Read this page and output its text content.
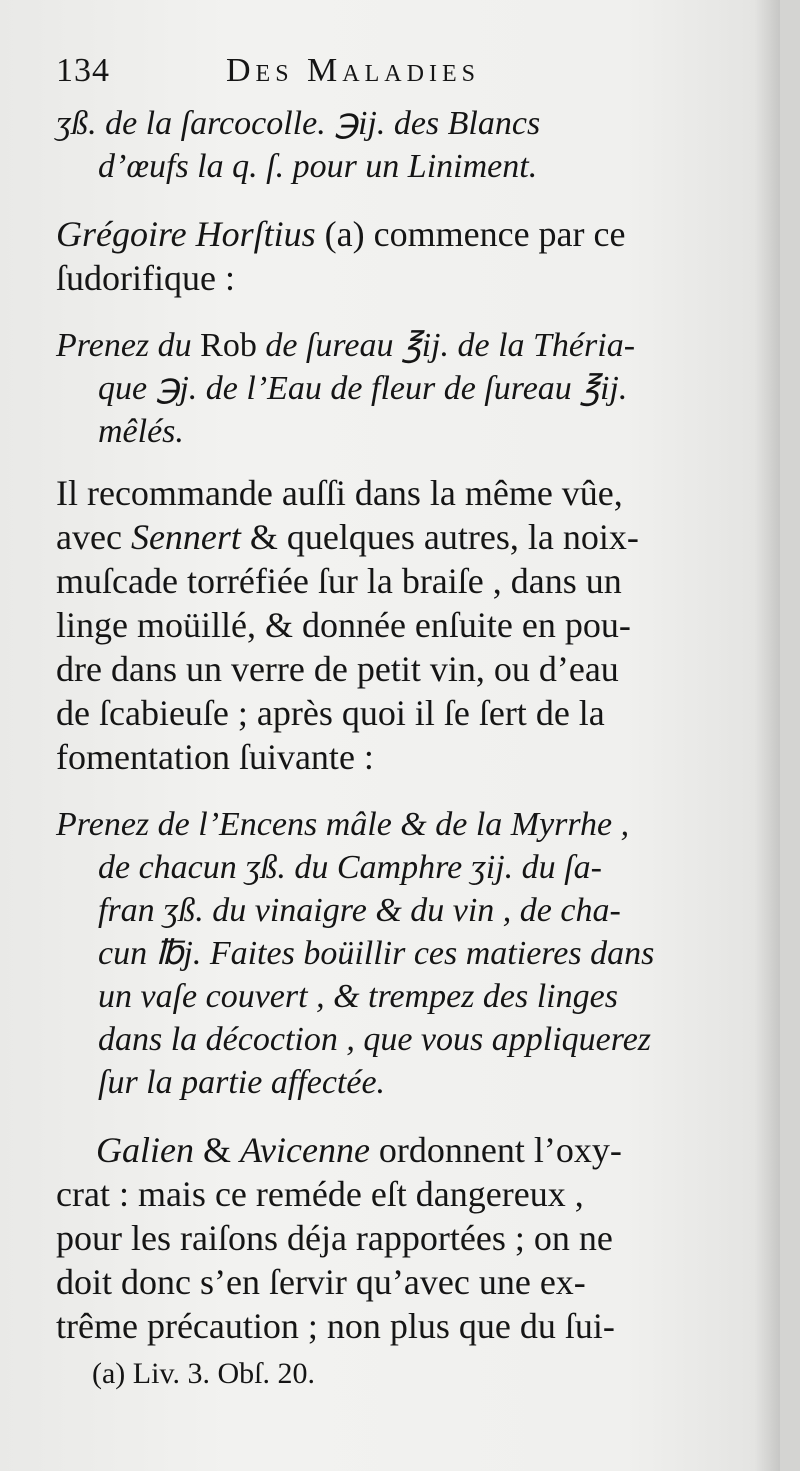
134	Des Maladies
ʒß. de la ſarcocolle. ℈ij. des Blancs
d’œufs la q. ſ. pour un Liniment.
Grégoire Horſtius (a) commence par ce
ſudorifique :
Prenez du Rob de ſureau ℥ij. de la Thériа-
que ℈j. de l’Eau de fleur de ſureau ℥ij.
mêlés.
Il recommande auſſi dans la même vûe,
avec Sennert & quelques autres, la noix-
muſcade torréfiée ſur la braiſe , dans un
linge moüillé, & donnée enſuite en pou-
dre dans un verre de petit vin, ou d’eau
de ſcabieuſe ; après quoi il ſe ſert de la
fomentation ſuivante :
Prenez de l’Encens mâle & de la Myrrhe ,
de chacun ʒß. du Camphre ʒij. du ſa-
fran ʒß. du vinaigre & du vin , de cha-
cun ℔j. Faites boüillir ces matieres dans
un vaſe couvert , & trempez des linges
dans la décoction , que vous appliquerez
ſur la partie affectée.
Galien & Avicenne ordonnent l’oxy-
crat : mais ce reméde eſt dangereux ,
pour les raiſons déja rapportées ; on ne
doit donc s’en ſervir qu’avec une ex-
trême précaution ; non plus que du ſui-
(a) Liv. 3. Obſ. 20.
